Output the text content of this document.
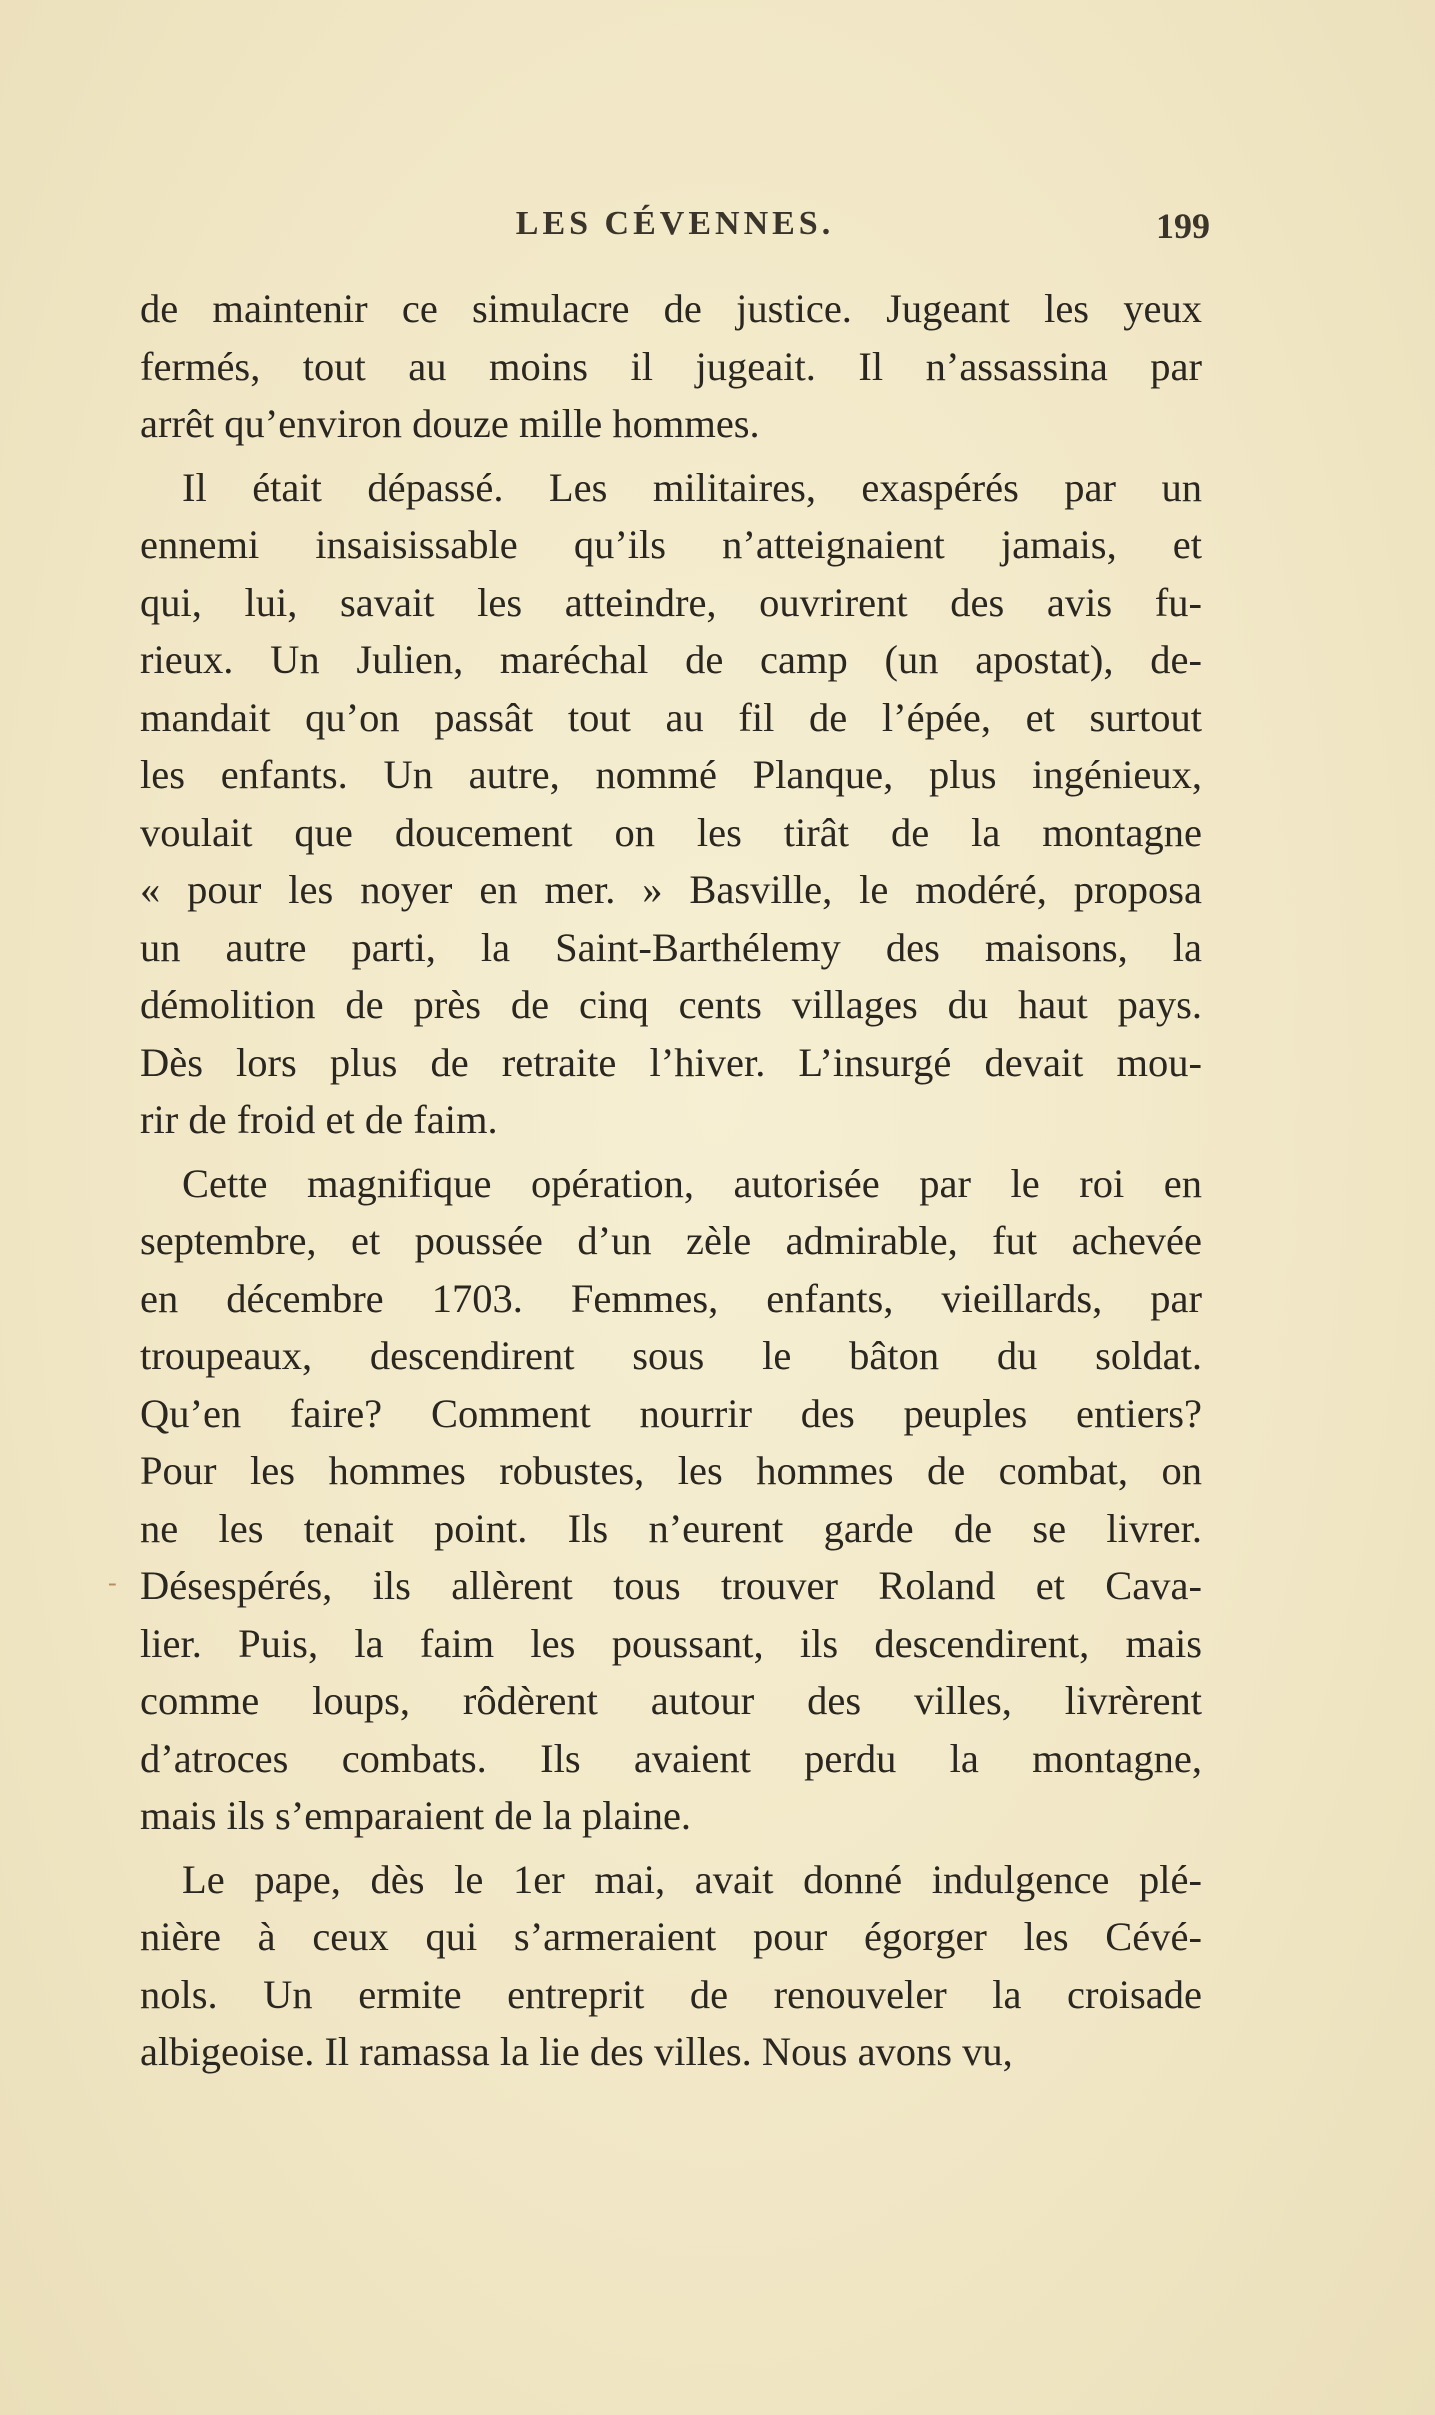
LES CÉVENNES.	199
-
de maintenir ce simulacre de justice. Jugeant les yeux
fermés, tout au moins il jugeait. Il n’assassina par
arrêt qu’environ douze mille hommes.
Il était dépassé. Les militaires, exaspérés par un
ennemi insaisissable qu’ils n’atteignaient jamais, et
qui, lui, savait les atteindre, ouvrirent des avis fu-
rieux. Un Julien, maréchal de camp (un apostat), de-
mandait qu’on passât tout au fil de l’épée, et surtout
les enfants. Un autre, nommé Planque, plus ingénieux,
voulait que doucement on les tirât de la montagne
« pour les noyer en mer. » Basville, le modéré, proposa
un autre parti, la Saint-Barthélemy des maisons, la
démolition de près de cinq cents villages du haut pays.
Dès lors plus de retraite l’hiver. L’insurgé devait mou-
rir de froid et de faim.
Cette magnifique opération, autorisée par le roi en
septembre, et poussée d’un zèle admirable, fut achevée
en décembre 1703. Femmes, enfants, vieillards, par
troupeaux, descendirent sous le bâton du soldat.
Qu’en faire? Comment nourrir des peuples entiers?
Pour les hommes robustes, les hommes de combat, on
ne les tenait point. Ils n’eurent garde de se livrer.
Désespérés, ils allèrent tous trouver Roland et Cava-
lier. Puis, la faim les poussant, ils descendirent, mais
comme loups, rôdèrent autour des villes, livrèrent
d’atroces combats. Ils avaient perdu la montagne,
mais ils s’emparaient de la plaine.
Le pape, dès le 1er mai, avait donné indulgence plé-
nière à ceux qui s’armeraient pour égorger les Cévé-
nols. Un ermite entreprit de renouveler la croisade
albigeoise. Il ramassa la lie des villes. Nous avons vu,
